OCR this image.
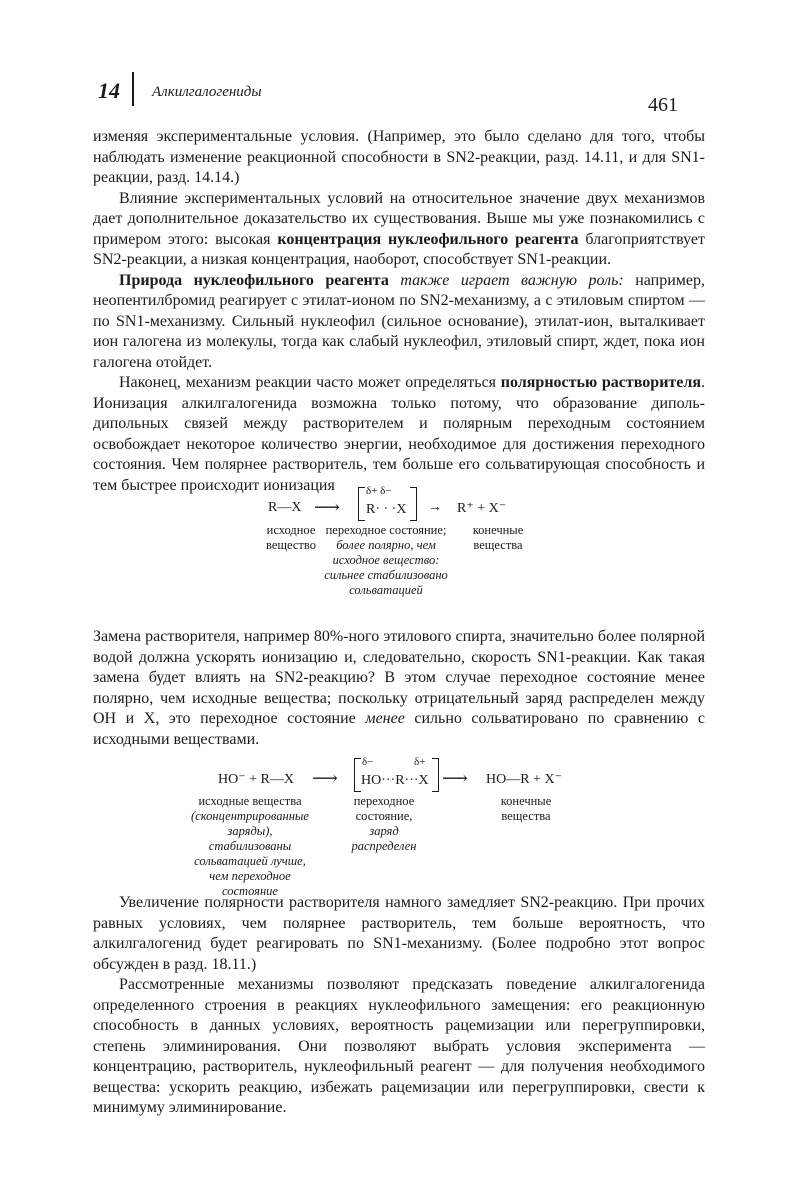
14 Алкилгалогениды
461

изменяя экспериментальные условия. (Например, это было сделано для того, чтобы наблюдать изменение реакционной способности в SN2-реакции, разд. 14.11, и для SN1-реакции, разд. 14.14.)

Влияние экспериментальных условий на относительное значение двух механизмов дает дополнительное доказательство их существования. Выше мы уже познакомились с примером этого: высокая концентрация нуклеофильного реагента благоприятствует SN2-реакции, а низкая концентрация, наоборот, способствует SN1-реакции.

Природа нуклеофильного реагента также играет важную роль: например, неопентилбромид реагирует с этилат-ионом по SN2-механизму, а с этиловым спиртом — по SN1-механизму. Сильный нуклеофил (сильное основание), этилат-ион, выталкивает ион галогена из молекулы, тогда как слабый нуклеофил, этиловый спирт, ждет, пока ион галогена отойдет.

Наконец, механизм реакции часто может определяться полярностью растворителя. Ионизация алкилгалогенида возможна только потому, что образование диполь-дипольных связей между растворителем и полярным переходным состоянием освобождает некоторое количество энергии, необходимое для достижения переходного состояния. Чем полярнее растворитель, тем больше его сольватирующая способность и тем быстрее происходит ионизация

R—X ⟶
δ+ δ−
R· · ·X → R⁺ + X⁻
исходное вещество
переходное состояние;
более полярно, чем исходное вещество: сильнее стабилизовано сольватацией
конечные вещества

Замена растворителя, например 80%-ного этилового спирта, значительно более полярной водой должна ускорять ионизацию и, следовательно, скорость SN1-реакции. Как такая замена будет влиять на SN2-реакцию? В этом случае переходное состояние менее полярно, чем исходные вещества; поскольку отрицательный заряд распределен между OH и X, это переходное состояние менее сильно сольватировано по сравнению с исходными веществами.

HO⁻ + R—X ⟶
δ−	δ+
HO···R···X ⟶ HO—R + X⁻
исходные вещества
(сконцентрированные заряды), стабилизованы сольватацией лучше, чем переходное состояние
переходное состояние,
заряд распределен
конечные вещества

Увеличение полярности растворителя намного замедляет SN2-реакцию. При прочих равных условиях, чем полярнее растворитель, тем больше вероятность, что алкилгалогенид будет реагировать по SN1-механизму. (Более подробно этот вопрос обсужден в разд. 18.11.)

Рассмотренные механизмы позволяют предсказать поведение алкилгалогенида определенного строения в реакциях нуклеофильного замещения: его реакционную способность в данных условиях, вероятность рацемизации или перегруппировки, степень элиминирования. Они позволяют выбрать условия эксперимента — концентрацию, растворитель, нуклеофильный реагент — для получения необходимого вещества: ускорить реакцию, избежать рацемизации или перегруппировки, свести к минимуму элиминирование.
